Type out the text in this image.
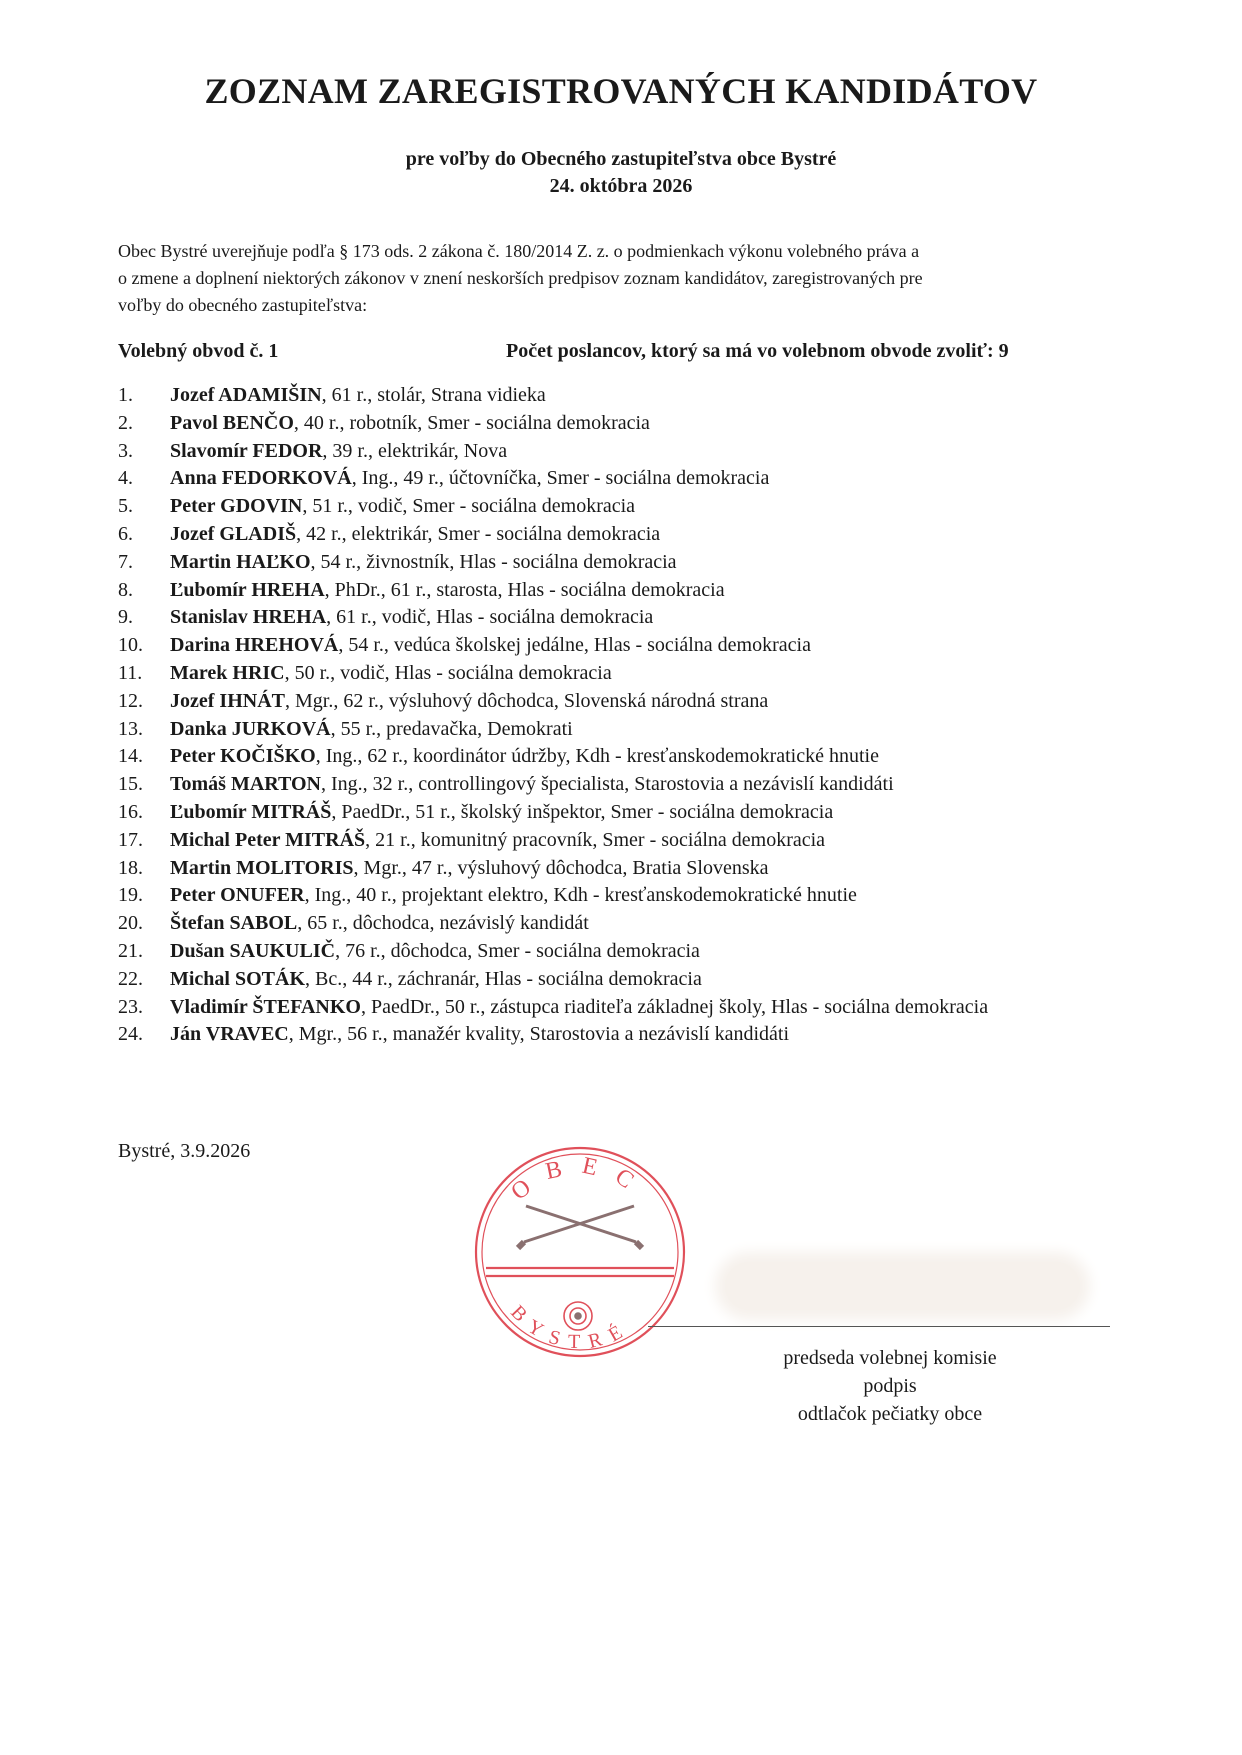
ZOZNAM ZAREGISTROVANÝCH KANDIDÁTOV
pre voľby do Obecného zastupiteľstva obce Bystré
24. októbra 2026
Obec Bystré uverejňuje podľa § 173 ods. 2 zákona č. 180/2014 Z. z. o podmienkach výkonu volebného práva a
o zmene a doplnení niektorých zákonov v znení neskorších predpisov zoznam kandidátov, zaregistrovaných pre
voľby do obecného zastupiteľstva:
Volebný obvod č. 1	Počet poslancov, ktorý sa má vo volebnom obvode zvoliť: 9
1. Jozef ADAMIŠIN, 61 r., stolár, Strana vidieka
2. Pavol BENČO, 40 r., robotník, Smer - sociálna demokracia
3. Slavomír FEDOR, 39 r., elektrikár, Nova
4. Anna FEDORKOVÁ, Ing., 49 r., účtovníčka, Smer - sociálna demokracia
5. Peter GDOVIN, 51 r., vodič, Smer - sociálna demokracia
6. Jozef GLADIŠ, 42 r., elektrikár, Smer - sociálna demokracia
7. Martin HAĽKO, 54 r., živnostník, Hlas - sociálna demokracia
8. Ľubomír HREHA, PhDr., 61 r., starosta, Hlas - sociálna demokracia
9. Stanislav HREHA, 61 r., vodič, Hlas - sociálna demokracia
10. Darina HREHOVÁ, 54 r., vedúca školskej jedálne, Hlas - sociálna demokracia
11. Marek HRIC, 50 r., vodič, Hlas - sociálna demokracia
12. Jozef IHNÁT, Mgr., 62 r., výsluhový dôchodca, Slovenská národná strana
13. Danka JURKOVÁ, 55 r., predavačka, Demokrati
14. Peter KOČIŠKO, Ing., 62 r., koordinátor údržby, Kdh - kresťanskodemokratické hnutie
15. Tomáš MARTON, Ing., 32 r., controllingový špecialista, Starostovia a nezávislí kandidáti
16. Ľubomír MITRÁŠ, PaedDr., 51 r., školský inšpektor, Smer - sociálna demokracia
17. Michal Peter MITRÁŠ, 21 r., komunitný pracovník, Smer - sociálna demokracia
18. Martin MOLITORIS, Mgr., 47 r., výsluhový dôchodca, Bratia Slovenska
19. Peter ONUFER, Ing., 40 r., projektant elektro, Kdh - kresťanskodemokratické hnutie
20. Štefan SABOL, 65 r., dôchodca, nezávislý kandidát
21. Dušan SAUKULIČ, 76 r., dôchodca, Smer - sociálna demokracia
22. Michal SOTÁK, Bc., 44 r., záchranár, Hlas - sociálna demokracia
23. Vladimír ŠTEFANKO, PaedDr., 50 r., zástupca riaditeľa základnej školy, Hlas - sociálna demokracia
24. Ján VRAVEC, Mgr., 56 r., manažér kvality, Starostovia a nezávislí kandidáti
Bystré, 3.9.2026
OBEC
BYSTRÉ
predseda volebnej komisie
podpis
odtlačok pečiatky obce
